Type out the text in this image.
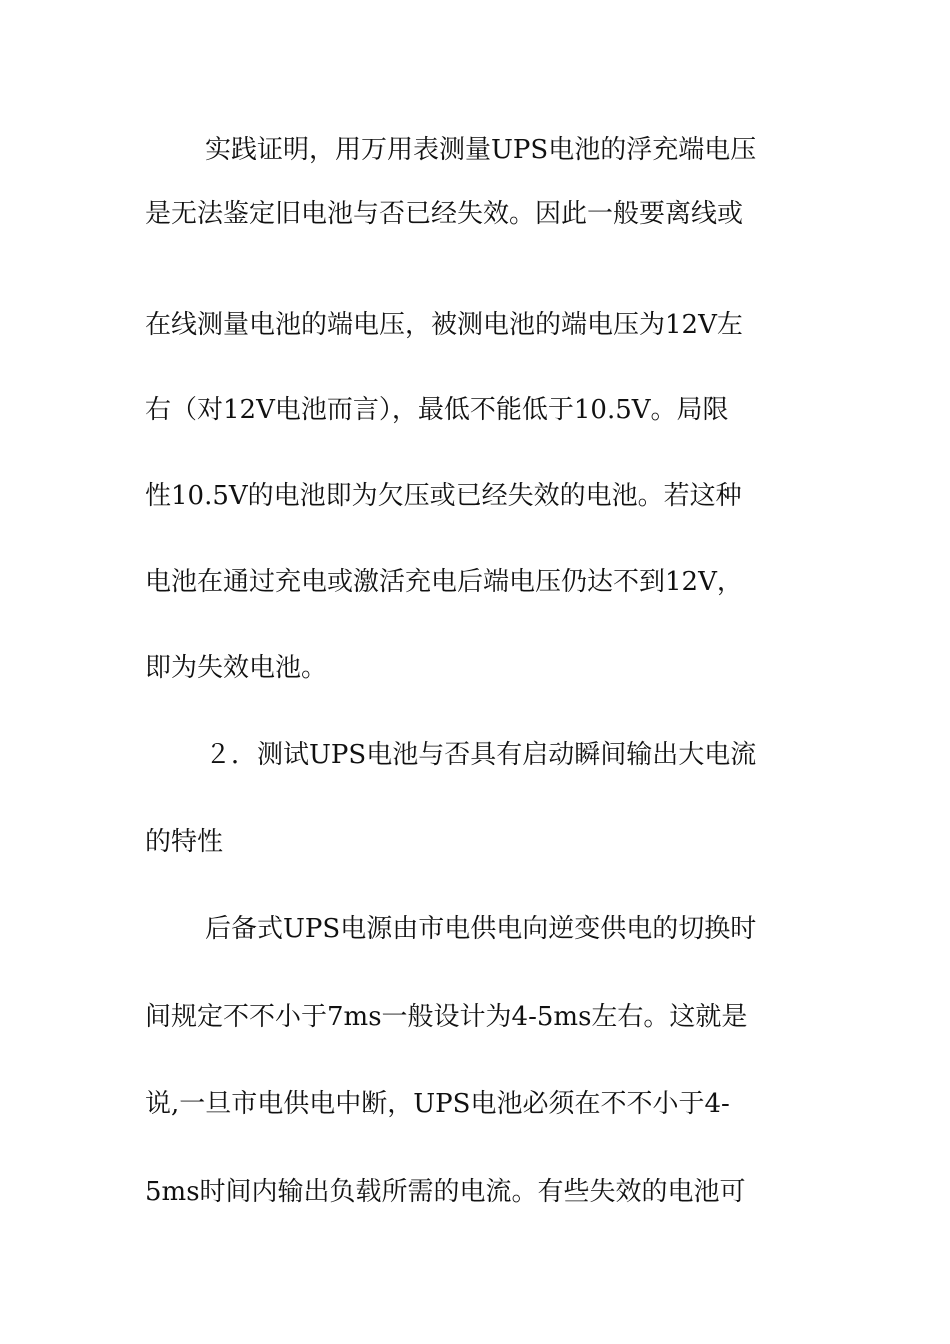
实践证明，用万用表测量UPS电池的浮充端电压
是无法鉴定旧电池与否已经失效。因此一般要离线或
在线测量电池的端电压，被测电池的端电压为12V左
右（对12V电池而言），最低不能低于10.5V。局限
性10.5V的电池即为欠压或已经失效的电池。若这种
电池在通过充电或激活充电后端电压仍达不到12V，
即为失效电池。
２．测试UPS电池与否具有启动瞬间输出大电流
的特性
后备式UPS电源由市电供电向逆变供电的切换时
间规定不不小于7ms一般设计为4-5ms左右。这就是
说,一旦市电供电中断，UPS电池必须在不不小于4-
5ms时间内输出负载所需的电流。有些失效的电池可
